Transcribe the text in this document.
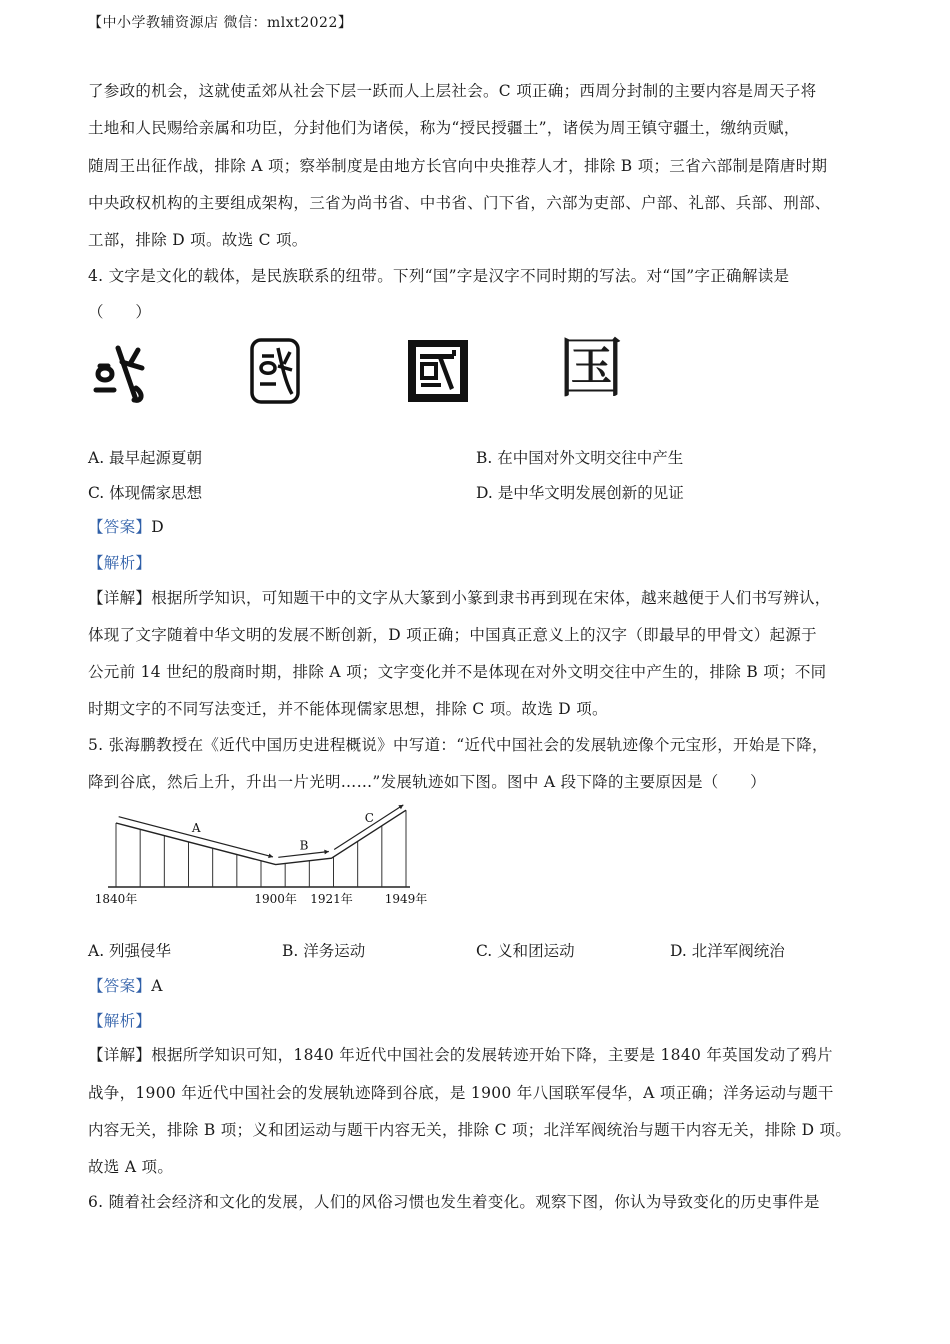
【中小学教辅资源店 微信：mlxt2022】
了参政的机会，这就使孟郊从社会下层一跃而人上层社会。C 项正确；西周分封制的主要内容是周天子将
土地和人民赐给亲属和功臣，分封他们为诸侯，称为“授民授疆土”，诸侯为周王镇守疆土，缴纳贡赋，
随周王出征作战，排除 A 项；察举制度是由地方长官向中央推荐人才，排除 B 项；三省六部制是隋唐时期
中央政权机构的主要组成架构，三省为尚书省、中书省、门下省，六部为吏部、户部、礼部、兵部、刑部、
工部，排除 D 项。故选 C 项。
4. 文字是文化的载体，是民族联系的纽带。下列“国”字是汉字不同时期的写法。对“国”字正确解读是
（　　）
国
A. 最早起源夏朝	B. 在中国对外文明交往中产生
C. 体现儒家思想	D. 是中华文明发展创新的见证
【答案】D
【解析】
【详解】根据所学知识，可知题干中的文字从大篆到小篆到隶书再到现在宋体，越来越便于人们书写辨认，
体现了文字随着中华文明的发展不断创新，D 项正确；中国真正意义上的汉字（即最早的甲骨文）起源于
公元前 14 世纪的殷商时期，排除 A 项；文字变化并不是体现在对外文明交往中产生的，排除 B 项；不同
时期文字的不同写法变迁，并不能体现儒家思想，排除 C 项。故选 D 项。
5. 张海鹏教授在《近代中国历史进程概说》中写道：“近代中国社会的发展轨迹像个元宝形，开始是下降，
降到谷底，然后上升，升出一片光明……”发展轨迹如下图。图中 A 段下降的主要原因是（　　）
A
B
C
1840年	1900年 1921年	1949年
A. 列强侵华	B. 洋务运动	C. 义和团运动	D. 北洋军阀统治
【答案】A
【解析】
【详解】根据所学知识可知，1840 年近代中国社会的发展转迹开始下降，主要是 1840 年英国发动了鸦片
战争，1900 年近代中国社会的发展轨迹降到谷底，是 1900 年八国联军侵华，A 项正确；洋务运动与题干
内容无关，排除 B 项；义和团运动与题干内容无关，排除 C 项；北洋军阀统治与题干内容无关，排除 D 项。
故选 A 项。
6. 随着社会经济和文化的发展，人们的风俗习惯也发生着变化。观察下图，你认为导致变化的历史事件是
